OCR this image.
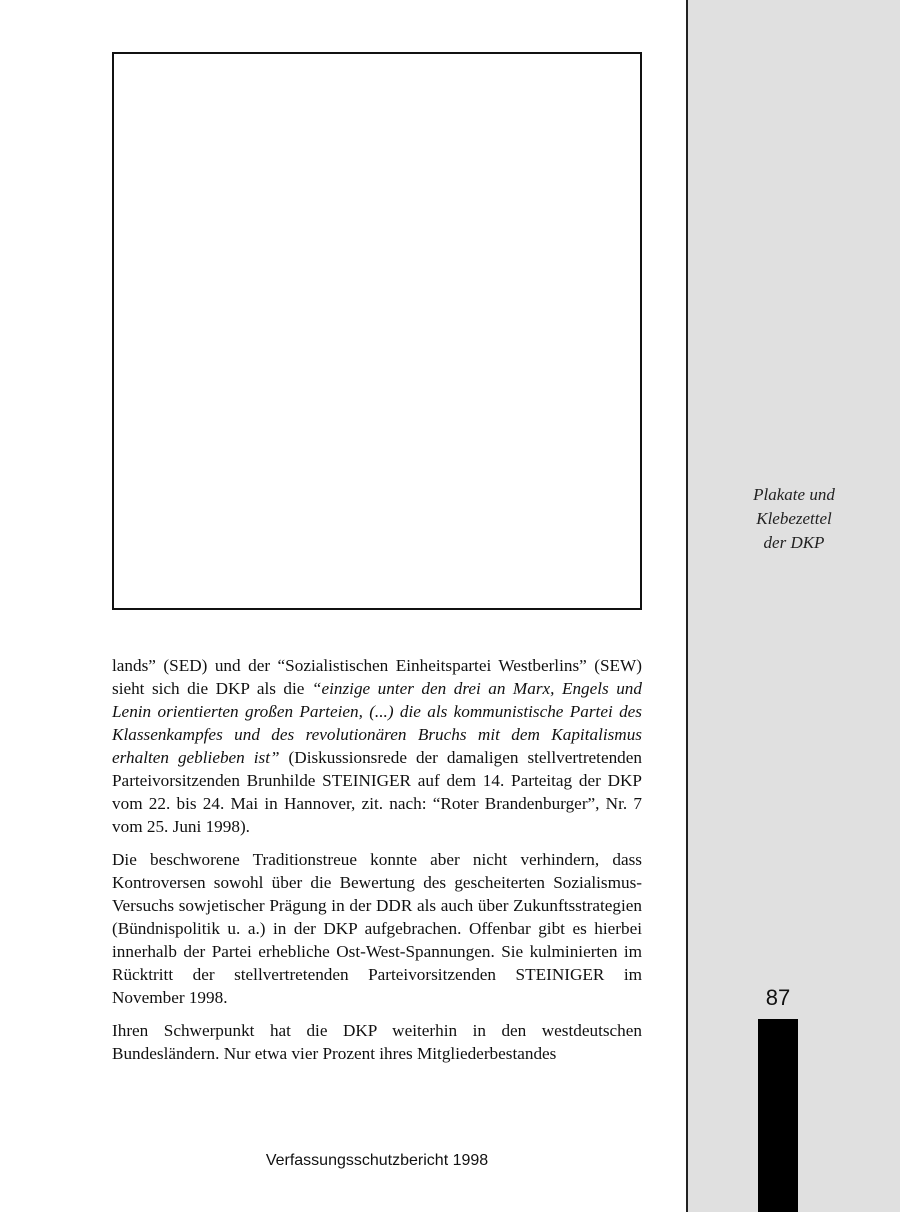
lands” (SED) und der “Sozialistischen Einheitspartei Westberlins” (SEW) sieht sich die DKP als die “einzige unter den drei an Marx, Engels und Lenin orientierten großen Parteien, (...) die als kommunistische Partei des Klassenkampfes und des revolutionären Bruchs mit dem Kapitalismus erhalten geblieben ist” (Diskussionsrede der damaligen stellvertretenden Parteivorsitzenden Brunhilde STEINIGER auf dem 14. Parteitag der DKP vom 22. bis 24. Mai in Hannover, zit. nach: “Roter Brandenburger”, Nr. 7 vom 25. Juni 1998).

Die beschworene Traditionstreue konnte aber nicht verhindern, dass Kontroversen sowohl über die Bewertung des gescheiterten Sozialismus-Versuchs sowjetischer Prägung in der DDR als auch über Zukunftsstrategien (Bündnispolitik u. a.) in der DKP aufgebrachen. Offenbar gibt es hierbei innerhalb der Partei erhebliche Ost-West-Spannungen. Sie kulminierten im Rücktritt der stellvertretenden Parteivorsitzenden STEINIGER im November 1998.

Ihren Schwerpunkt hat die DKP weiterhin in den westdeutschen Bundesländern. Nur etwa vier Prozent ihres Mitgliederbestandes

Verfassungsschutzbericht 1998
Plakate und
Klebezettel
der DKP
87
